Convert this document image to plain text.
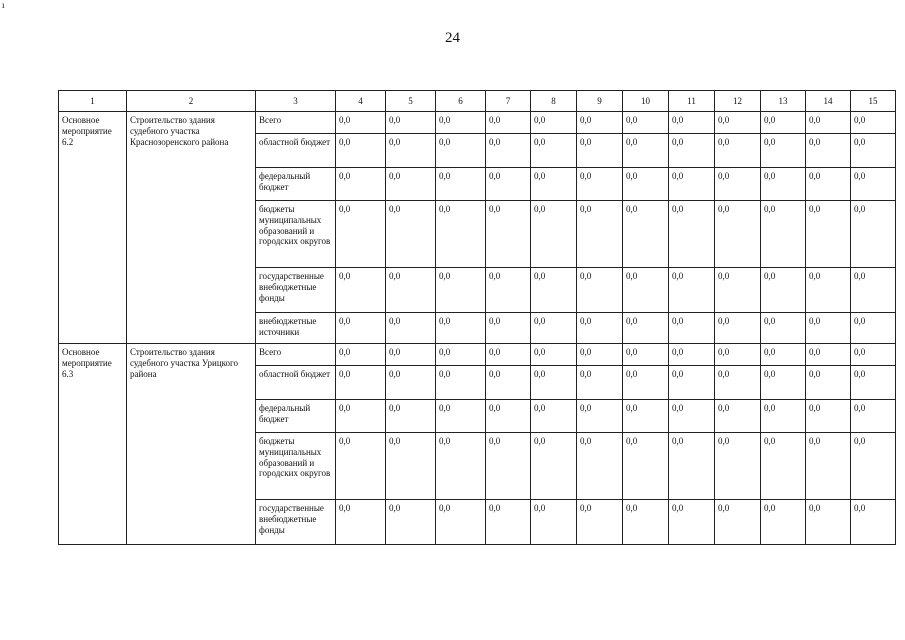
ı
24
1	2	3	4	5	6	7	8	9	10	11	12	13	14	15
Основное мероприятие 6.2	Строительство здания судебного участка Краснозоренского района	Всего	0,0	0,0	0,0	0,0	0,0	0,0	0,0	0,0	0,0	0,0	0,0	0,0
		областной бюджет	0,0	0,0	0,0	0,0	0,0	0,0	0,0	0,0	0,0	0,0	0,0	0,0
		федеральный бюджет	0,0	0,0	0,0	0,0	0,0	0,0	0,0	0,0	0,0	0,0	0,0	0,0
		бюджеты муниципальных образований и городских округов	0,0	0,0	0,0	0,0	0,0	0,0	0,0	0,0	0,0	0,0	0,0	0,0
		государственные внебюджетные фонды	0,0	0,0	0,0	0,0	0,0	0,0	0,0	0,0	0,0	0,0	0,0	0,0
		внебюджетные источники	0,0	0,0	0,0	0,0	0,0	0,0	0,0	0,0	0,0	0,0	0,0	0,0
Основное мероприятие 6.3	Строительство здания судебного участка Урицкого района	Всего	0,0	0,0	0,0	0,0	0,0	0,0	0,0	0,0	0,0	0,0	0,0	0,0
		областной бюджет	0,0	0,0	0,0	0,0	0,0	0,0	0,0	0,0	0,0	0,0	0,0	0,0
		федеральный бюджет	0,0	0,0	0,0	0,0	0,0	0,0	0,0	0,0	0,0	0,0	0,0	0,0
		бюджеты муниципальных образований и городских округов	0,0	0,0	0,0	0,0	0,0	0,0	0,0	0,0	0,0	0,0	0,0	0,0
		государственные внебюджетные фонды	0,0	0,0	0,0	0,0	0,0	0,0	0,0	0,0	0,0	0,0	0,0	0,0
